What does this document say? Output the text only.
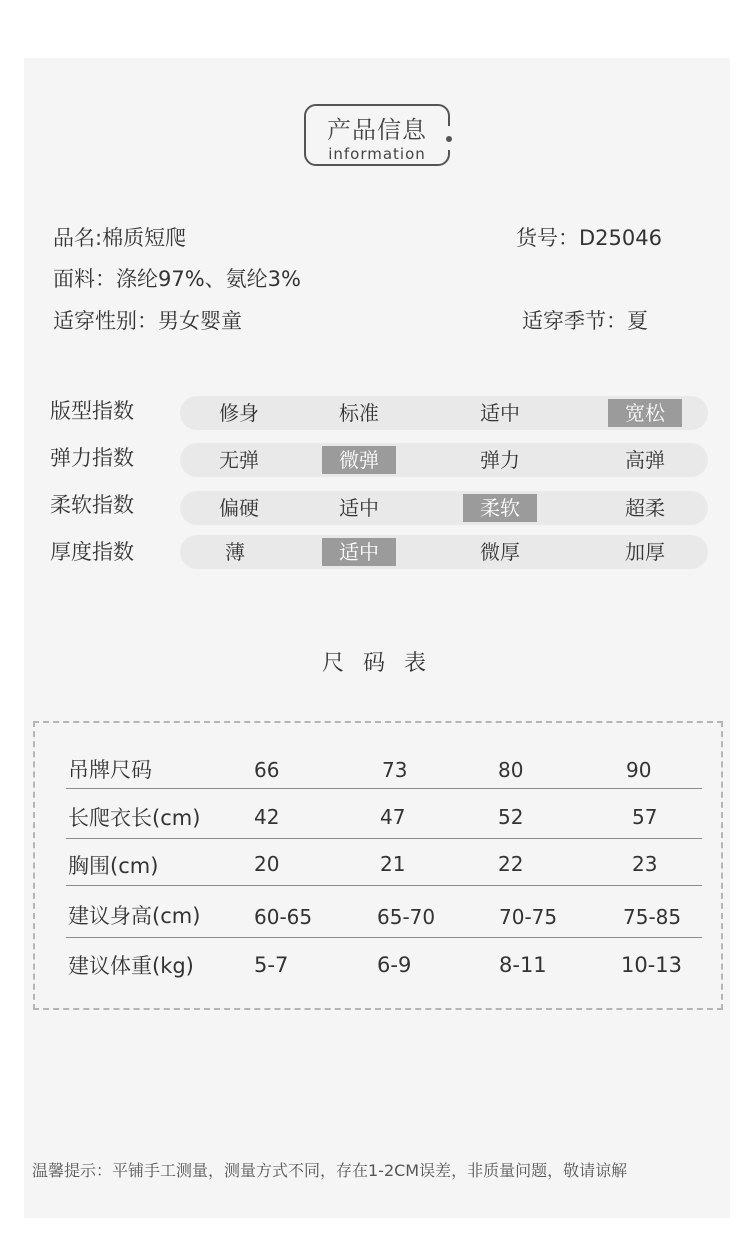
产品信息
information
品名:棉质短爬	货号：D25046
面料：涤纶97%、氨纶3%
适穿性别：男女婴童	适穿季节：夏
版型指数	修身	标准	适中	宽松
弹力指数	无弹	微弹	弹力	高弹
柔软指数	偏硬	适中	柔软	超柔
厚度指数	薄	适中	微厚	加厚
尺 码 表
吊牌尺码	66	73	80	90
长爬衣长(cm)	42	47	52	57
胸围(cm)	20	21	22	23
建议身高(cm)	60-65	65-70	70-75	75-85
建议体重(kg)	5-7	6-9	8-11	10-13
温馨提示：平铺手工测量，测量方式不同，存在1-2CM误差，非质量问题，敬请谅解
